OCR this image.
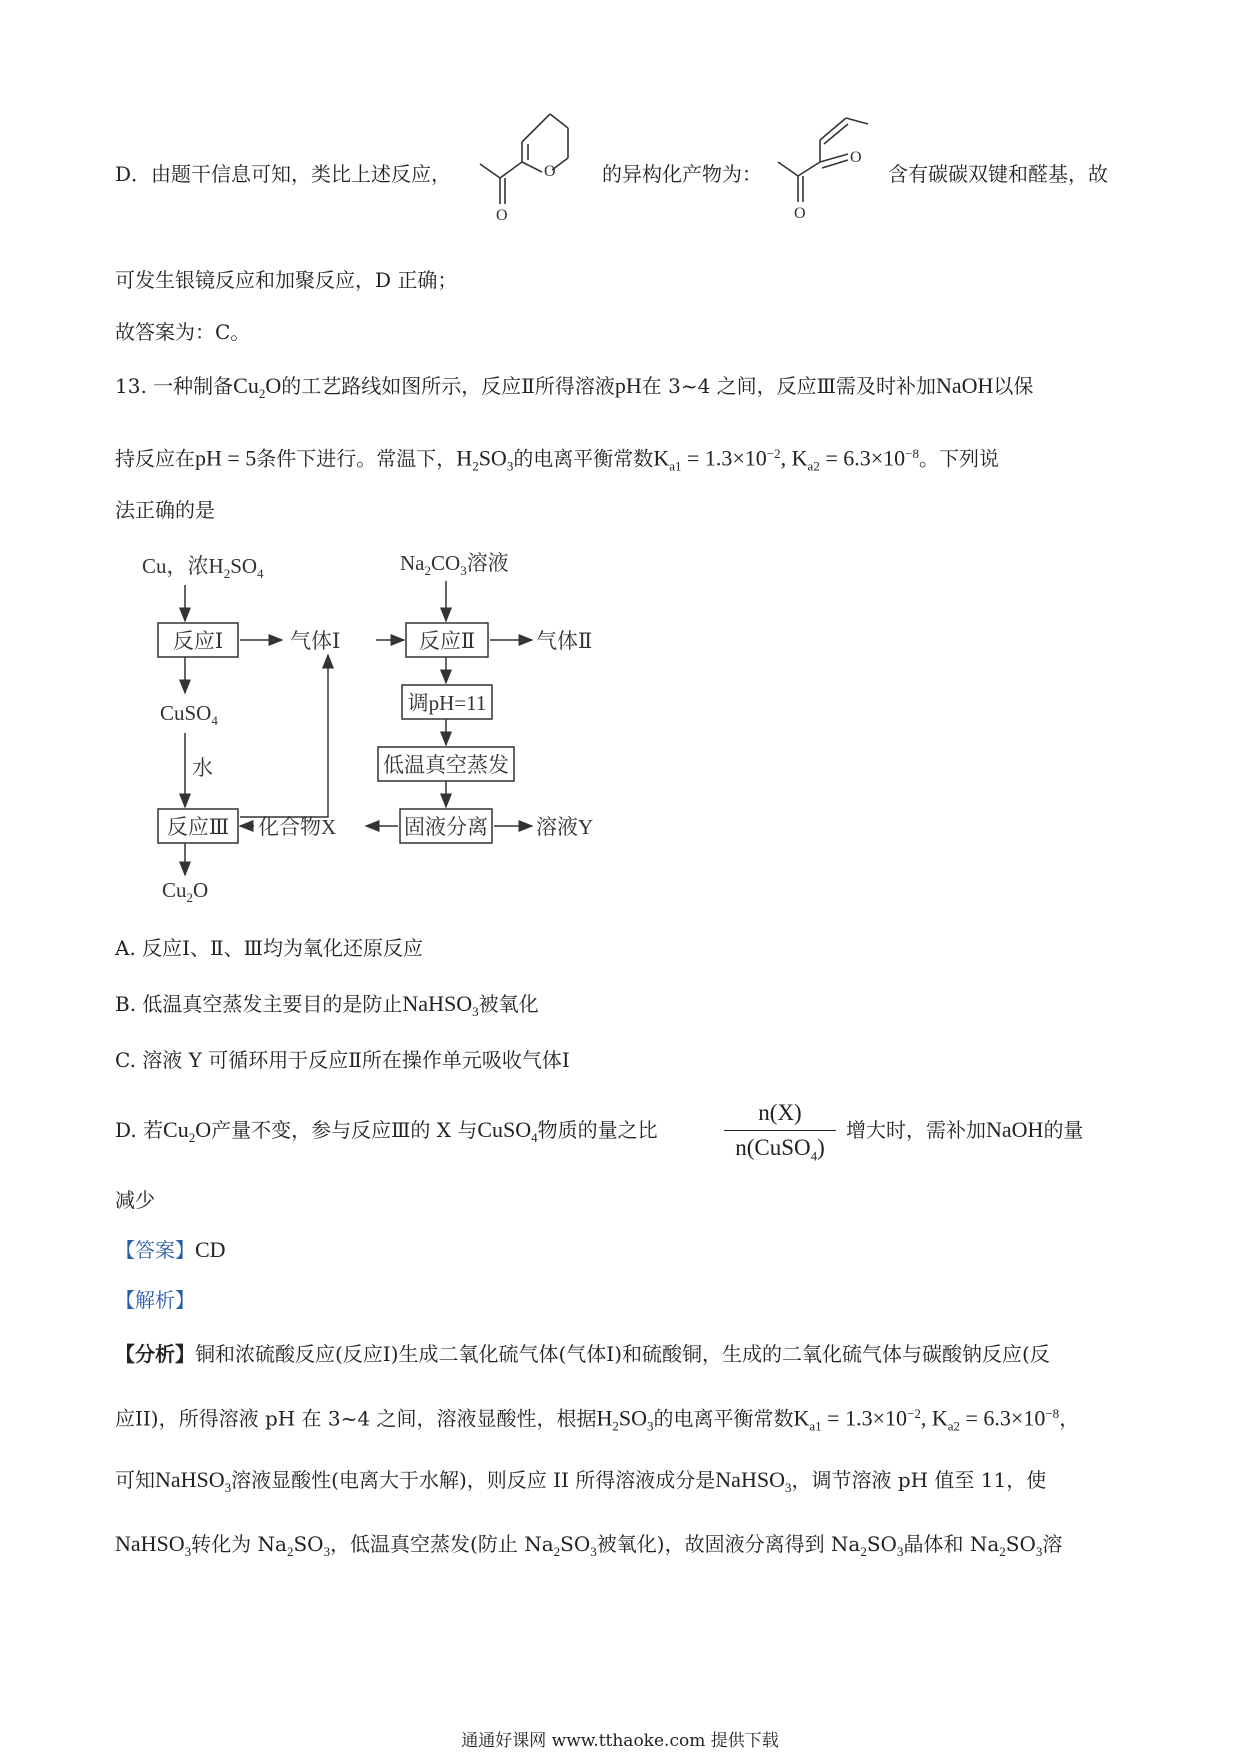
D．由题干信息可知，类比上述反应，	O
O
的异构化产物为：
O
O
含有碳碳双键和醛基，故
可发生银镜反应和加聚反应，D 正确；
故答案为：C。
13. 一种制备$Cu_2O$的工艺路线如图所示，反应Ⅱ所得溶液pH在 3~4 之间，反应Ⅲ需及时补加NaOH以保
持反应在pH = 5条件下进行。常温下，$H_2SO_3$的电离平衡常数$K_{a1} = 1.3\times 10^{-2}$, $K_{a2} = 6.3\times 10^{-8}$。下列说
法正确的是
Cu，浓$H_2SO_4$	$Na_2CO_3$溶液
反应Ⅰ	气体Ⅰ	反应Ⅱ	气体Ⅱ
调pH=11
低温真空蒸发
固液分离 溶液Y
CuSO$_4$
水
反应Ⅲ 化合物X
$Cu_2O$
A. 反应Ⅰ、Ⅱ、Ⅲ均为氧化还原反应
B. 低温真空蒸发主要目的是防止NaHSO$_3$被氧化
C. 溶液 Y 可循环用于反应Ⅱ所在操作单元吸收气体Ⅰ
D. 若$Cu_2O$产量不变，参与反应Ⅲ的 X 与CuSO$_4$物质的量之比
n(X)
n(CuSO$_4$)
增大时，需补加NaOH的量
减少
【答案】CD
【解析】
【分析】铜和浓硫酸反应(反应I)生成二氧化硫气体(气体Ⅰ)和硫酸铜，生成的二氧化硫气体与碳酸钠反应(反
应II)，所得溶液 pH 在 3~4 之间，溶液显酸性，根据$H_2SO_3$的电离平衡常数$K_{a1} = 1.3\times 10^{-2}$, $K_{a2} = 6.3\times 10^{-8}$，
可知NaHSO$_3$溶液显酸性(电离大于水解)，则反应 II 所得溶液成分是NaHSO$_3$，调节溶液 pH 值至 11，使
NaHSO$_3$转化为 $Na_2SO_3$，低温真空蒸发(防止 $Na_2SO_3$被氧化)，故固液分离得到 $Na_2SO_3$晶体和 $Na_2SO_3$溶
通通好课网 www.tthaoke.com 提供下载
